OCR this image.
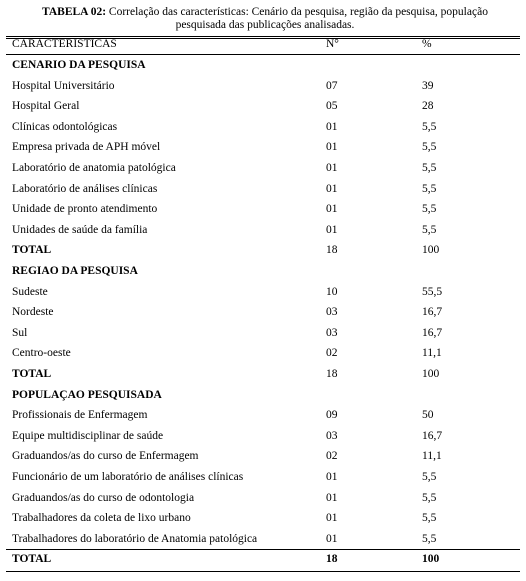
TABELA 02: Correlação das características: Cenário da pesquisa, região da pesquisa, população
pesquisada das publicações analisadas.
CARACTERISTICAS	N°	%
CENARIO DA PESQUISA
Hospital Universitário	07	39
Hospital Geral	05	28
Clínicas odontológicas	01	5,5
Empresa privada de APH móvel	01	5,5
Laboratório de anatomia patológica	01	5,5
Laboratório de análises clínicas	01	5,5
Unidade de pronto atendimento	01	5,5
Unidades de saúde da família	01	5,5
TOTAL	18	100
REGIAO DA PESQUISA
Sudeste	10	55,5
Nordeste	03	16,7
Sul	03	16,7
Centro-oeste	02	11,1
TOTAL	18	100
POPULAÇAO PESQUISADA
Profissionais de Enfermagem	09	50
Equipe multidisciplinar de saúde	03	16,7
Graduandos/as do curso de Enfermagem	02	11,1
Funcionário de um laboratório de análises clínicas	01	5,5
Graduandos/as do curso de odontologia	01	5,5
Trabalhadores da coleta de lixo urbano	01	5,5
Trabalhadores do laboratório de Anatomia patológica	01	5,5
TOTAL	18	100
